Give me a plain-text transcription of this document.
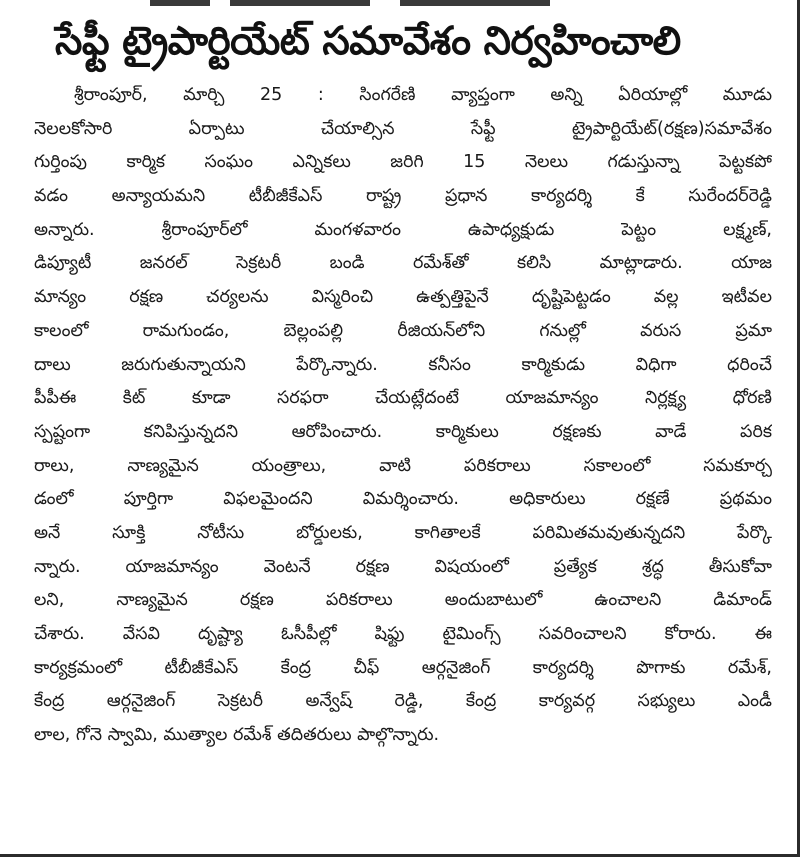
సేఫ్టీ ట్రైపార్టియేట్ సమావేశం నిర్వహించాలి
శ్రీరాంపూర్, మార్చి 25 : సింగరేణి వ్యాప్తంగా అన్ని ఏరియాల్లో మూడు
నెలలకోసారి ఏర్పాటు చేయాల్సిన సేఫ్టీ ట్రైపార్టియేట్(రక్షణ)సమావేశం
గుర్తింపు కార్మిక సంఘం ఎన్నికలు జరిగి 15 నెలలు గడుస్తున్నా పెట్టకపో
వడం అన్యాయమని టీబీజీకేఎస్ రాష్ట్ర ప్రధాన కార్యదర్శి కే సురేందర్‌రెడ్డి
అన్నారు. శ్రీరాంపూర్‌లో మంగళవారం ఉపాధ్యక్షుడు పెట్టం లక్ష్మణ్,
డిప్యూటీ జనరల్ సెక్రటరీ బండి రమేశ్‌తో కలిసి మాట్లాడారు. యాజ
మాన్యం రక్షణ చర్యలను విస్మరించి ఉత్పత్తిపైనే దృష్టిపెట్టడం వల్ల ఇటీవల
కాలంలో రామగుండం, బెల్లంపల్లి రీజియన్‌లోని గనుల్లో వరుస ప్రమా
దాలు జరుగుతున్నాయని పేర్కొన్నారు. కనీసం కార్మికుడు విధిగా ధరించే
పీపీఈ కిట్ కూడా సరఫరా చేయట్లేదంటే యాజమాన్యం నిర్లక్ష్య ధోరణి
స్పష్టంగా కనిపిస్తున్నదని ఆరోపించారు. కార్మికులు రక్షణకు వాడే పరిక
రాలు, నాణ్యమైన యంత్రాలు, వాటి పరికరాలు సకాలంలో సమకూర్చ
డంలో పూర్తిగా విఫలమైందని విమర్శించారు. అధికారులు రక్షణే ప్రథమం
అనే సూక్తి నోటీసు బోర్డులకు, కాగితాలకే పరిమితమవుతున్నదని పేర్కొ
న్నారు. యాజమాన్యం వెంటనే రక్షణ విషయంలో ప్రత్యేక శ్రద్ధ తీసుకోవా
లని, నాణ్యమైన రక్షణ పరికరాలు అందుబాటులో ఉంచాలని డిమాండ్
చేశారు. వేసవి దృష్ట్యా ఓసీపీల్లో షిఫ్టు టైమింగ్స్ సవరించాలని కోరారు. ఈ
కార్యక్రమంలో టీబీజీకేఎస్ కేంద్ర చీఫ్ ఆర్గనైజింగ్ కార్యదర్శి పొగాకు రమేశ్,
కేంద్ర ఆర్గనైజింగ్ సెక్రటరీ అన్వేష్ రెడ్డి, కేంద్ర కార్యవర్గ సభ్యులు ఎండీ
లాల, గోనె స్వామి, ముత్యాల రమేశ్ తదితరులు పాల్గొన్నారు.
